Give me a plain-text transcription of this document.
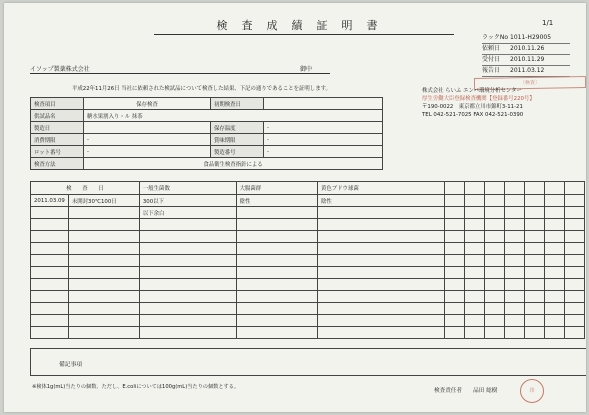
検査成績証明書	1/1
ラックNo 1011-H29005
依頼日	2010.11.26
受付日	2010.11.29
報告日	2011.03.12
イソップ製薬株式会社	御中
平成22年11月26日 当社に依頼された検試品について検査した結果、下記の通りであることを証明します。
〔検査〕
株式会社 らいふ エンバ環境分析センター
厚生労働大臣登録検査機関【登録番号220号】
〒190-0022　 東京都立川市錦町3-11-21
TEL 042-521-7025 FAX 042-521-0390
検査項目	保存検査	初期検査日	
供試品名	糖水果割入り・ル 抹茶		
製造日		保存温度	-
消費期限	-	賞味期限	-
ロット番号	-	製造番号	-
検査方法	食品衛生検査指針による		
検　　査　　日		一般生菌数	大腸菌群	黄色ブドウ球菌							
2011.03.09	未開封30℃100日	300以下	陰性	陰性							
		以下余白									

備記事項
※検体1g(mL)当たりの個数、ただし、E.coliについては100g(mL)当たりの個数とする。
検査責任者　　品田 総樹	印
